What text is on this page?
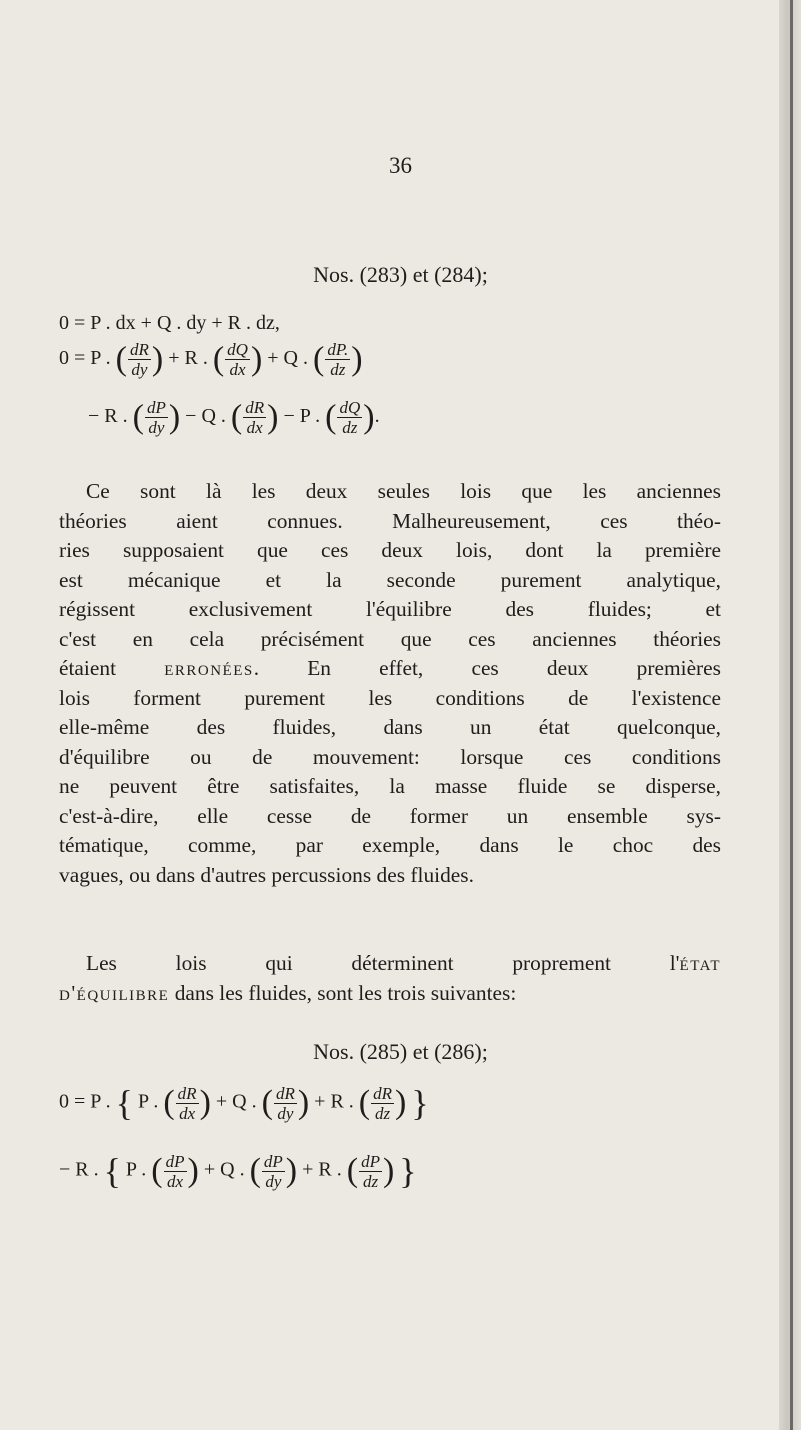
36
Nos. (283) et (284);
0 = P . dx + Q . dy + R . dz,
0 = P . ( $\frac{dR}{dy}$ ) + R . ( $\frac{dQ}{dx}$ ) + Q . ( $\frac{dP.}{dz}$ )
− R . ( $\frac{dP}{dy}$ ) − Q . ( $\frac{dR}{dx}$ ) − P . ( $\frac{dQ}{dz}$ ).
Ce sont là les deux seules lois que les anciennes
théories aient connues. Malheureusement, ces théo-
ries supposaient que ces deux lois, dont la première
est mécanique et la seconde purement analytique,
régissent exclusivement l'équilibre des fluides; et
c'est en cela précisément que ces anciennes théories
étaient erronées. En effet, ces deux premières
lois forment purement les conditions de l'existence
elle-même des fluides, dans un état quelconque,
d'équilibre ou de mouvement: lorsque ces conditions
ne peuvent être satisfaites, la masse fluide se disperse,
c'est-à-dire, elle cesse de former un ensemble sys-
tématique, comme, par exemple, dans le choc des
vagues, ou dans d'autres percussions des fluides.
Les lois qui déterminent proprement l'état
d'équilibre dans les fluides, sont les trois suivantes:
Nos. (285) et (286);
0 = P . { P . ( $\frac{dR}{dx}$ ) + Q . ( $\frac{dR}{dy}$ ) + R . ( $\frac{dR}{dz}$ ) }
− R . { P . ( $\frac{dP}{dx}$ ) + Q . ( $\frac{dP}{dy}$ ) + R . ( $\frac{dP}{dz}$ ) }
